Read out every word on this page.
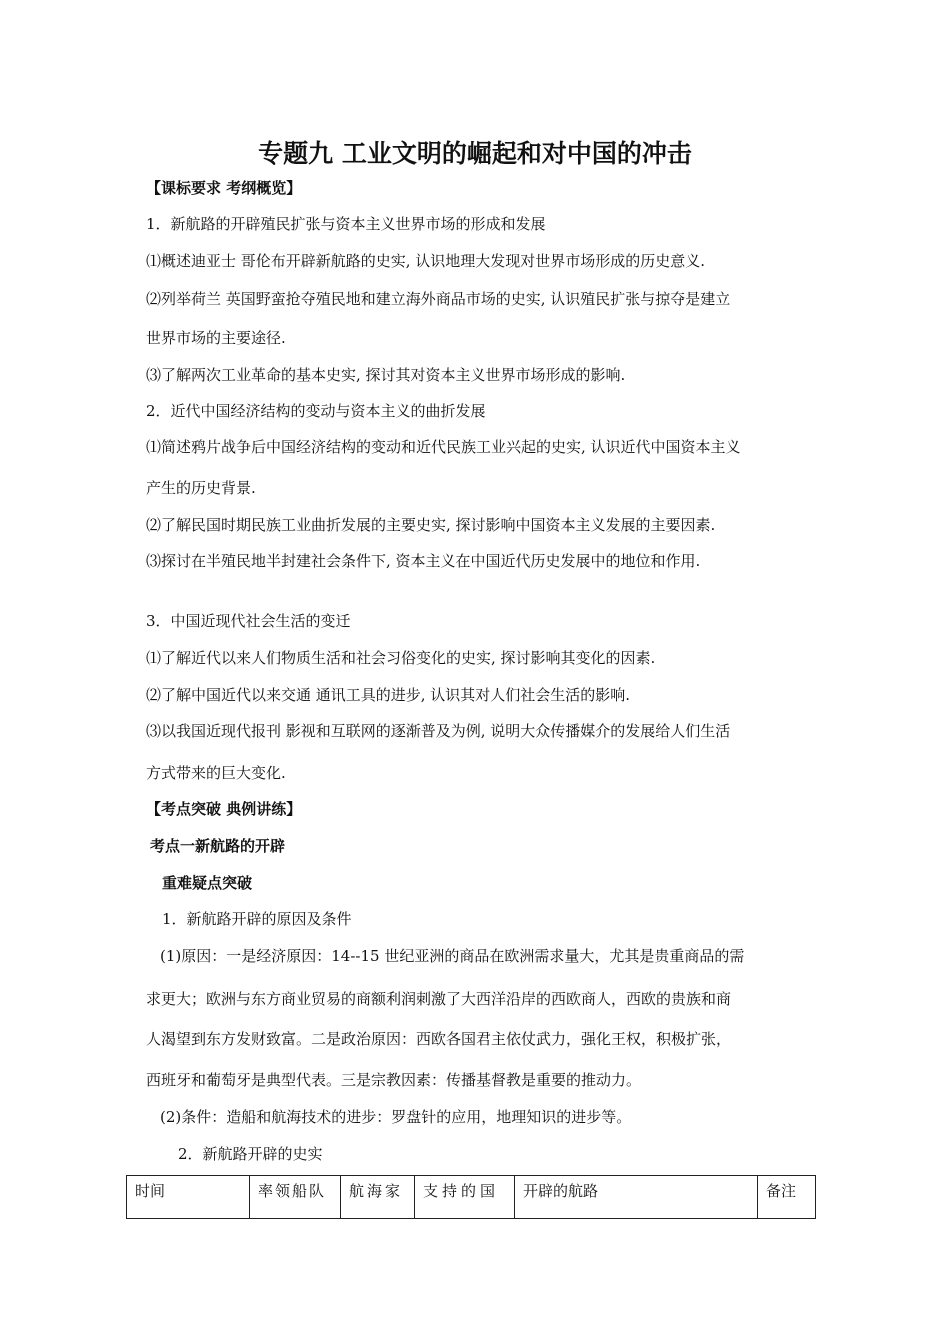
专题九 工业文明的崛起和对中国的冲击
【课标要求 考纲概览】
1．新航路的开辟殖民扩张与资本主义世界市场的形成和发展
⑴概述迪亚士 哥伦布开辟新航路的史实, 认识地理大发现对世界市场形成的历史意义.
⑵列举荷兰 英国野蛮抢夺殖民地和建立海外商品市场的史实, 认识殖民扩张与掠夺是建立
世界市场的主要途径.
⑶了解两次工业革命的基本史实, 探讨其对资本主义世界市场形成的影响.
2．近代中国经济结构的变动与资本主义的曲折发展
⑴简述鸦片战争后中国经济结构的变动和近代民族工业兴起的史实, 认识近代中国资本主义
产生的历史背景.
⑵了解民国时期民族工业曲折发展的主要史实, 探讨影响中国资本主义发展的主要因素.
⑶探讨在半殖民地半封建社会条件下, 资本主义在中国近代历史发展中的地位和作用.
3．中国近现代社会生活的变迁
⑴了解近代以来人们物质生活和社会习俗变化的史实, 探讨影响其变化的因素.
⑵了解中国近代以来交通 通讯工具的进步, 认识其对人们社会生活的影响.
⑶以我国近现代报刊 影视和互联网的逐渐普及为例, 说明大众传播媒介的发展给人们生活
方式带来的巨大变化.
【考点突破 典例讲练】
考点一新航路的开辟
重难疑点突破
1．新航路开辟的原因及条件
(1)原因：一是经济原因：14--15 世纪亚洲的商品在欧洲需求量大，尤其是贵重商品的需
求更大；欧洲与东方商业贸易的商额利润刺激了大西洋沿岸的西欧商人，西欧的贵族和商
人渴望到东方发财致富。二是政治原因：西欧各国君主依仗武力，强化王权，积极扩张，
西班牙和葡萄牙是典型代表。三是宗教因素：传播基督教是重要的推动力。
(2)条件：造船和航海技术的进步：罗盘针的应用，地理知识的进步等。
2．新航路开辟的史实
时间	率领船队	航海家	支持的国	开辟的航路	备注
